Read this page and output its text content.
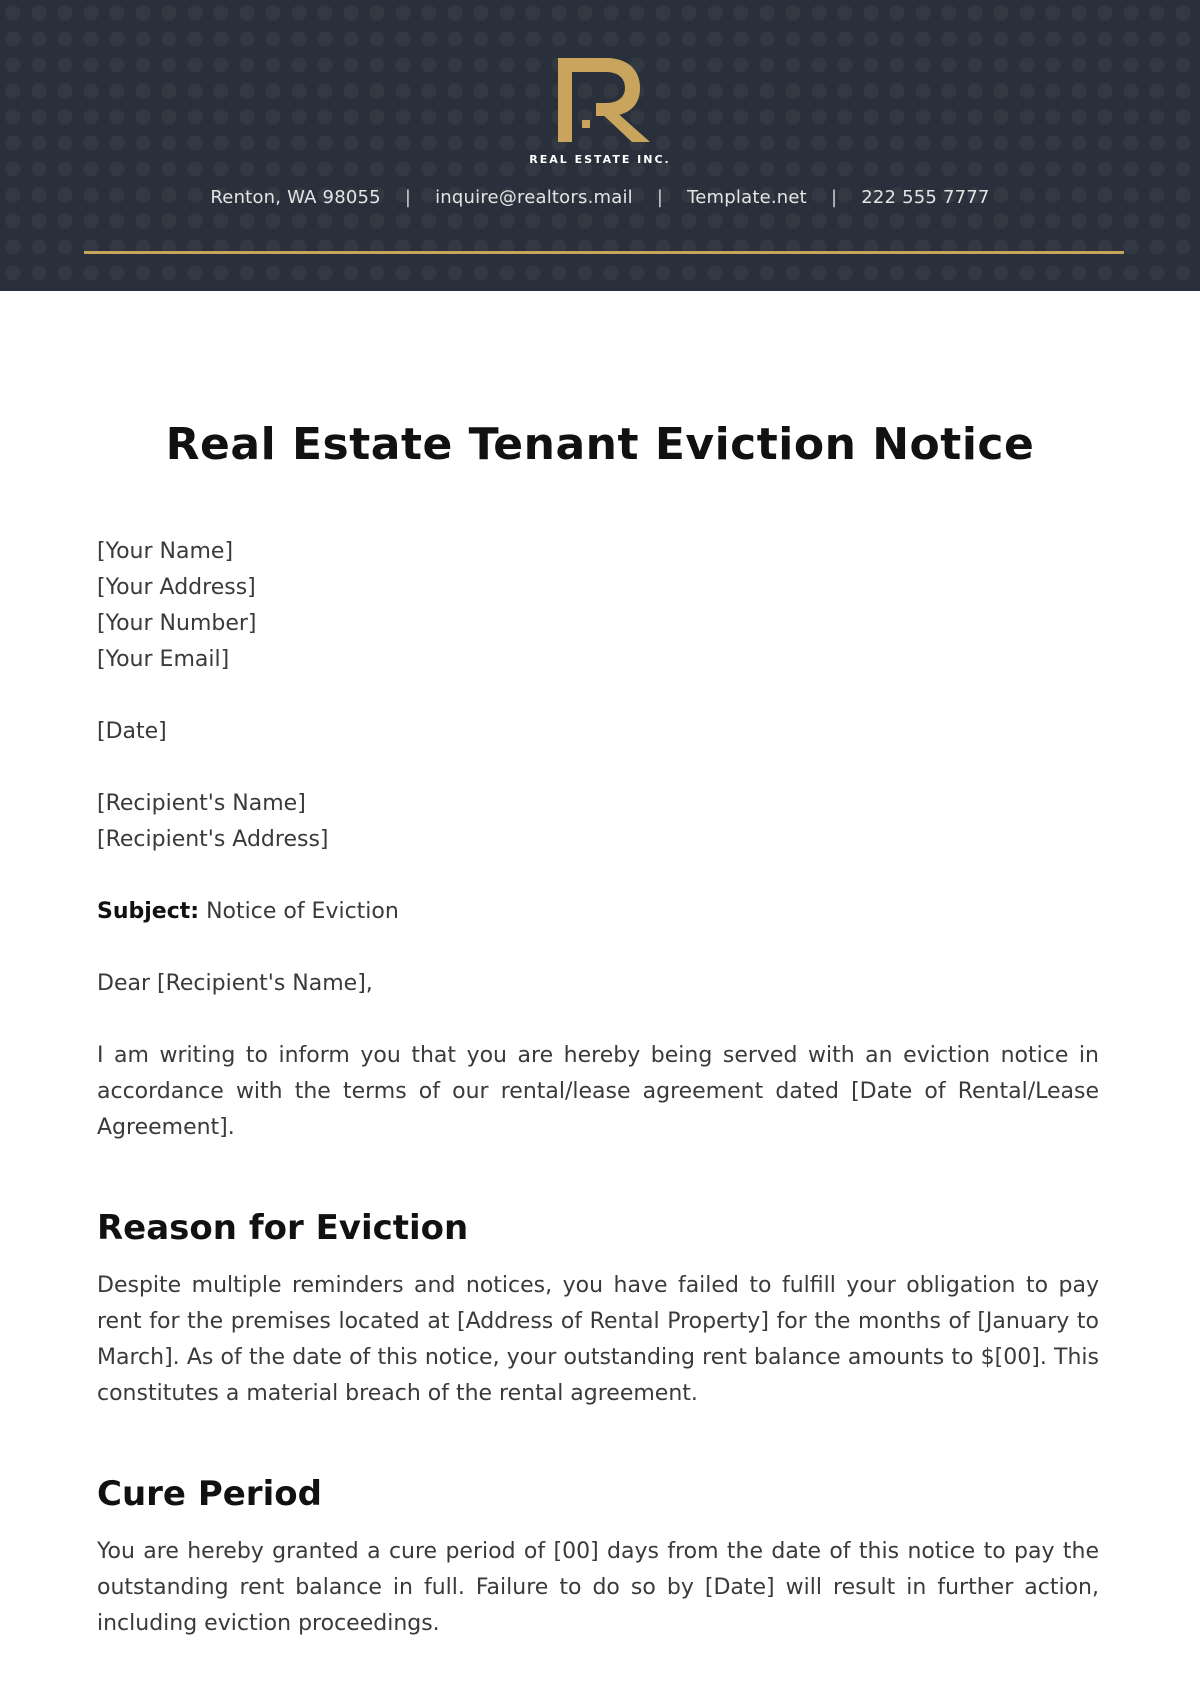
REAL ESTATE INC.
Renton, WA 98055 | inquire@realtors.mail | Template.net | 222 555 7777
Real Estate Tenant Eviction Notice
[Your Name]
[Your Address]
[Your Number]
[Your Email]
[Date]
[Recipient's Name]
[Recipient's Address]
Subject: Notice of Eviction
Dear [Recipient's Name],

I am writing to inform you that you are hereby being served with an eviction notice in accordance with the terms of our rental/lease agreement dated [Date of Rental/Lease Agreement].

Reason for Eviction

Despite multiple reminders and notices, you have failed to fulfill your obligation to pay rent for the premises located at [Address of Rental Property] for the months of [January to March]. As of the date of this notice, your outstanding rent balance amounts to $[00]. This constitutes a material breach of the rental agreement.

Cure Period

You are hereby granted a cure period of [00] days from the date of this notice to pay the outstanding rent balance in full. Failure to do so by [Date] will result in further action, including eviction proceedings.
